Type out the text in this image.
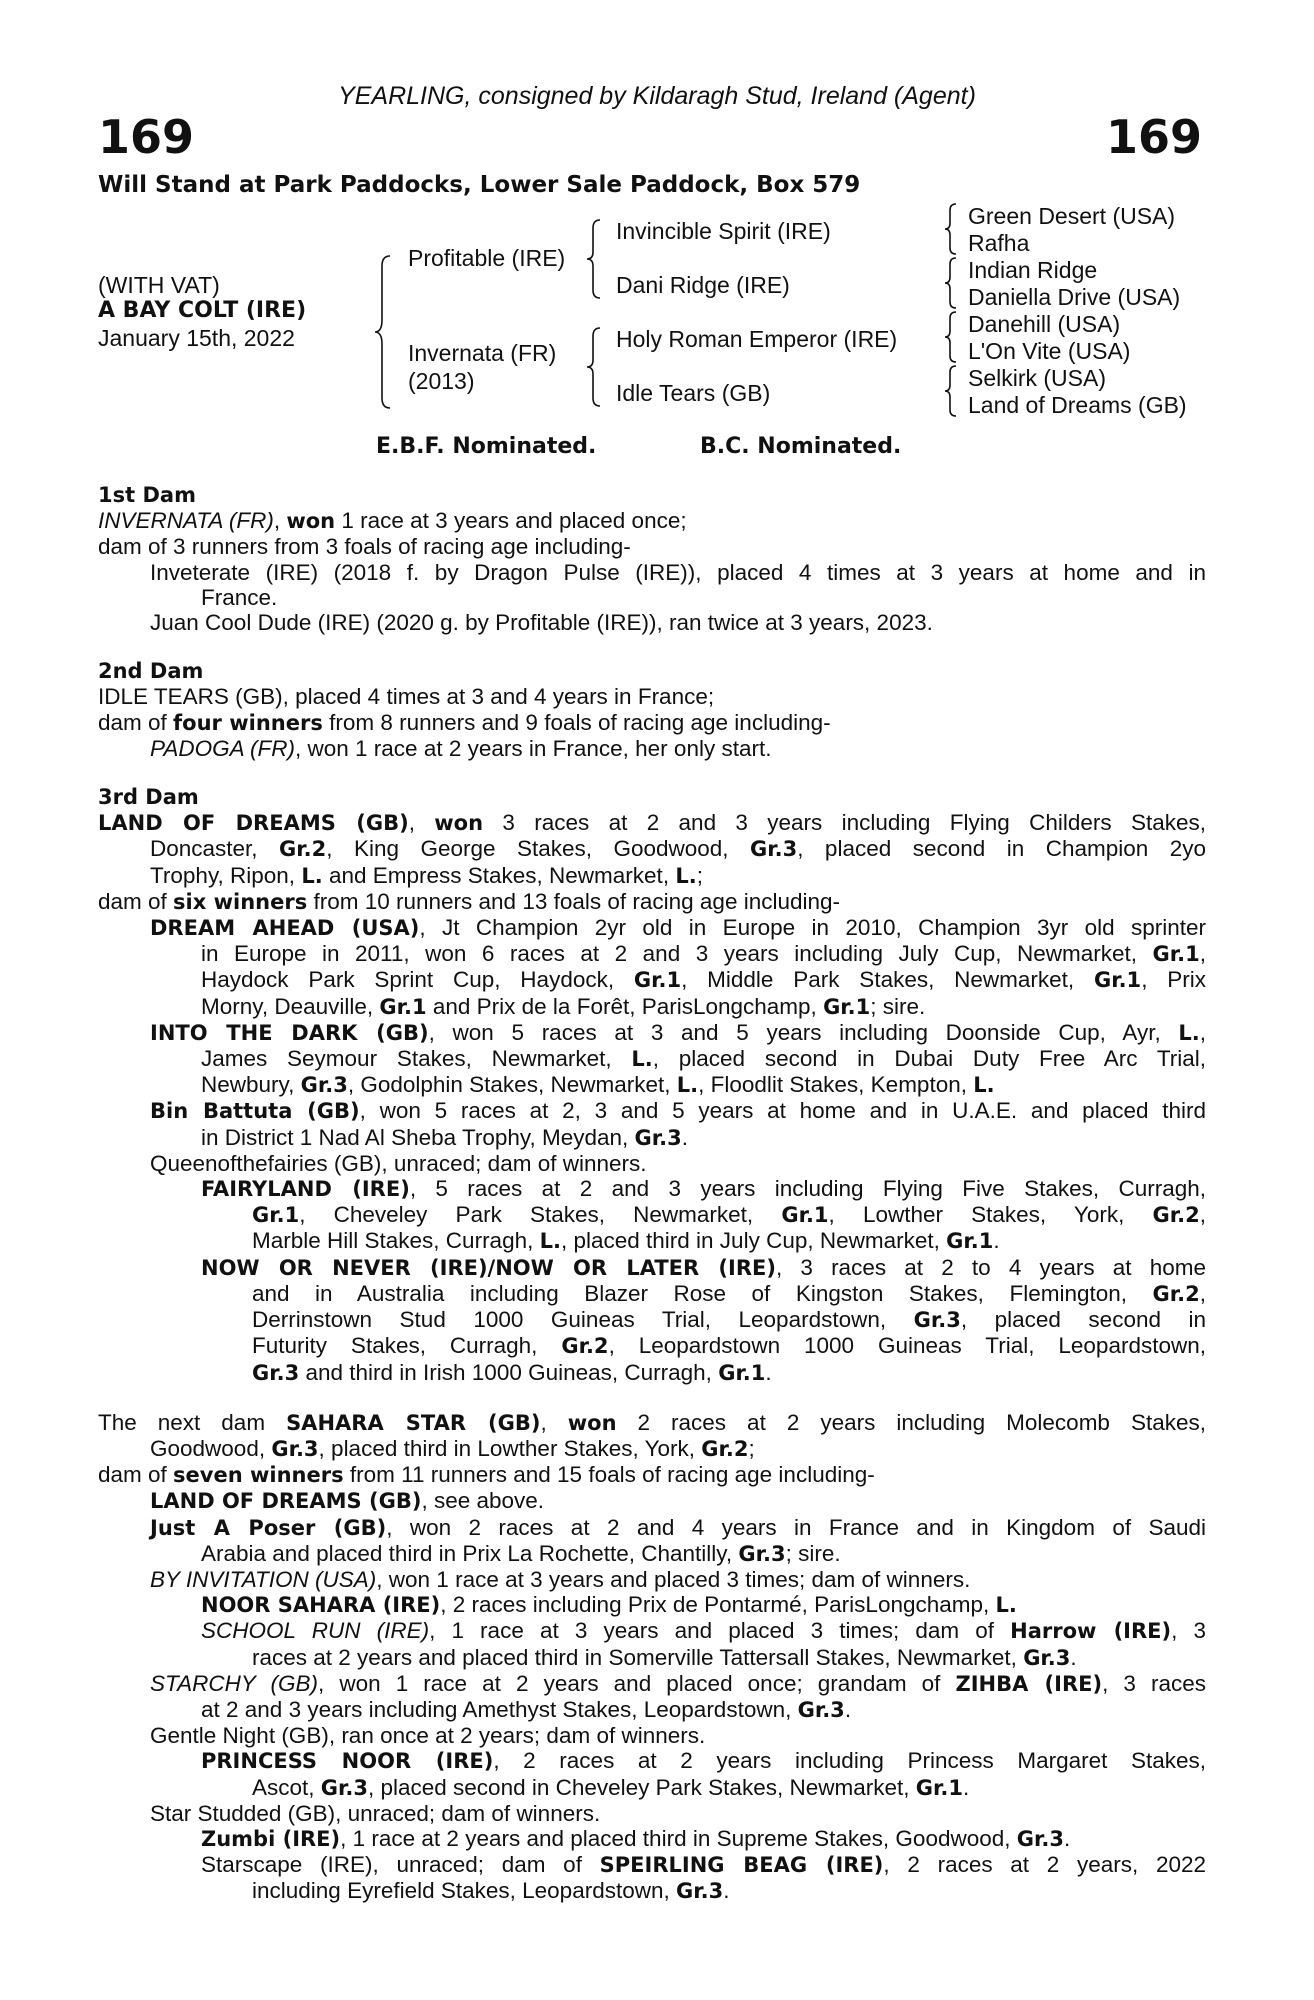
YEARLING, consigned by Kildaragh Stud, Ireland (Agent)
169	169
Will Stand at Park Paddocks, Lower Sale Paddock, Box 579
(WITH VAT)
A BAY COLT (IRE)
January 15th, 2022
Profitable (IRE)
Invernata (FR)
(2013)
Invincible Spirit (IRE)
Dani Ridge (IRE)
Holy Roman Emperor (IRE)
Idle Tears (GB)
Green Desert (USA)
Rafha
Indian Ridge
Daniella Drive (USA)
Danehill (USA)
L'On Vite (USA)
Selkirk (USA)
Land of Dreams (GB)
E.B.F. Nominated.	B.C. Nominated.
1st Dam
INVERNATA (FR), won 1 race at 3 years and placed once;
dam of 3 runners from 3 foals of racing age including-
Inveterate (IRE) (2018 f. by Dragon Pulse (IRE)), placed 4 times at 3 years at home and in
France.
Juan Cool Dude (IRE) (2020 g. by Profitable (IRE)), ran twice at 3 years, 2023.
2nd Dam
IDLE TEARS (GB), placed 4 times at 3 and 4 years in France;
dam of four winners from 8 runners and 9 foals of racing age including-
PADOGA (FR), won 1 race at 2 years in France, her only start.
3rd Dam
LAND OF DREAMS (GB), won 3 races at 2 and 3 years including Flying Childers Stakes,
Doncaster, Gr.2, King George Stakes, Goodwood, Gr.3, placed second in Champion 2yo
Trophy, Ripon, L. and Empress Stakes, Newmarket, L.;
dam of six winners from 10 runners and 13 foals of racing age including-
DREAM AHEAD (USA), Jt Champion 2yr old in Europe in 2010, Champion 3yr old sprinter
in Europe in 2011, won 6 races at 2 and 3 years including July Cup, Newmarket, Gr.1,
Haydock Park Sprint Cup, Haydock, Gr.1, Middle Park Stakes, Newmarket, Gr.1, Prix
Morny, Deauville, Gr.1 and Prix de la Forêt, ParisLongchamp, Gr.1; sire.
INTO THE DARK (GB), won 5 races at 3 and 5 years including Doonside Cup, Ayr, L.,
James Seymour Stakes, Newmarket, L., placed second in Dubai Duty Free Arc Trial,
Newbury, Gr.3, Godolphin Stakes, Newmarket, L., Floodlit Stakes, Kempton, L.
Bin Battuta (GB), won 5 races at 2, 3 and 5 years at home and in U.A.E. and placed third
in District 1 Nad Al Sheba Trophy, Meydan, Gr.3.
Queenofthefairies (GB), unraced; dam of winners.
FAIRYLAND (IRE), 5 races at 2 and 3 years including Flying Five Stakes, Curragh,
Gr.1, Cheveley Park Stakes, Newmarket, Gr.1, Lowther Stakes, York, Gr.2,
Marble Hill Stakes, Curragh, L., placed third in July Cup, Newmarket, Gr.1.
NOW OR NEVER (IRE)/NOW OR LATER (IRE), 3 races at 2 to 4 years at home
and in Australia including Blazer Rose of Kingston Stakes, Flemington, Gr.2,
Derrinstown Stud 1000 Guineas Trial, Leopardstown, Gr.3, placed second in
Futurity Stakes, Curragh, Gr.2, Leopardstown 1000 Guineas Trial, Leopardstown,
Gr.3 and third in Irish 1000 Guineas, Curragh, Gr.1.
The next dam SAHARA STAR (GB), won 2 races at 2 years including Molecomb Stakes,
Goodwood, Gr.3, placed third in Lowther Stakes, York, Gr.2;
dam of seven winners from 11 runners and 15 foals of racing age including-
LAND OF DREAMS (GB), see above.
Just A Poser (GB), won 2 races at 2 and 4 years in France and in Kingdom of Saudi
Arabia and placed third in Prix La Rochette, Chantilly, Gr.3; sire.
BY INVITATION (USA), won 1 race at 3 years and placed 3 times; dam of winners.
NOOR SAHARA (IRE), 2 races including Prix de Pontarmé, ParisLongchamp, L.
SCHOOL RUN (IRE), 1 race at 3 years and placed 3 times; dam of Harrow (IRE), 3
races at 2 years and placed third in Somerville Tattersall Stakes, Newmarket, Gr.3.
STARCHY (GB), won 1 race at 2 years and placed once; grandam of ZIHBA (IRE), 3 races
at 2 and 3 years including Amethyst Stakes, Leopardstown, Gr.3.
Gentle Night (GB), ran once at 2 years; dam of winners.
PRINCESS NOOR (IRE), 2 races at 2 years including Princess Margaret Stakes,
Ascot, Gr.3, placed second in Cheveley Park Stakes, Newmarket, Gr.1.
Star Studded (GB), unraced; dam of winners.
Zumbi (IRE), 1 race at 2 years and placed third in Supreme Stakes, Goodwood, Gr.3.
Starscape (IRE), unraced; dam of SPEIRLING BEAG (IRE), 2 races at 2 years, 2022
including Eyrefield Stakes, Leopardstown, Gr.3.
